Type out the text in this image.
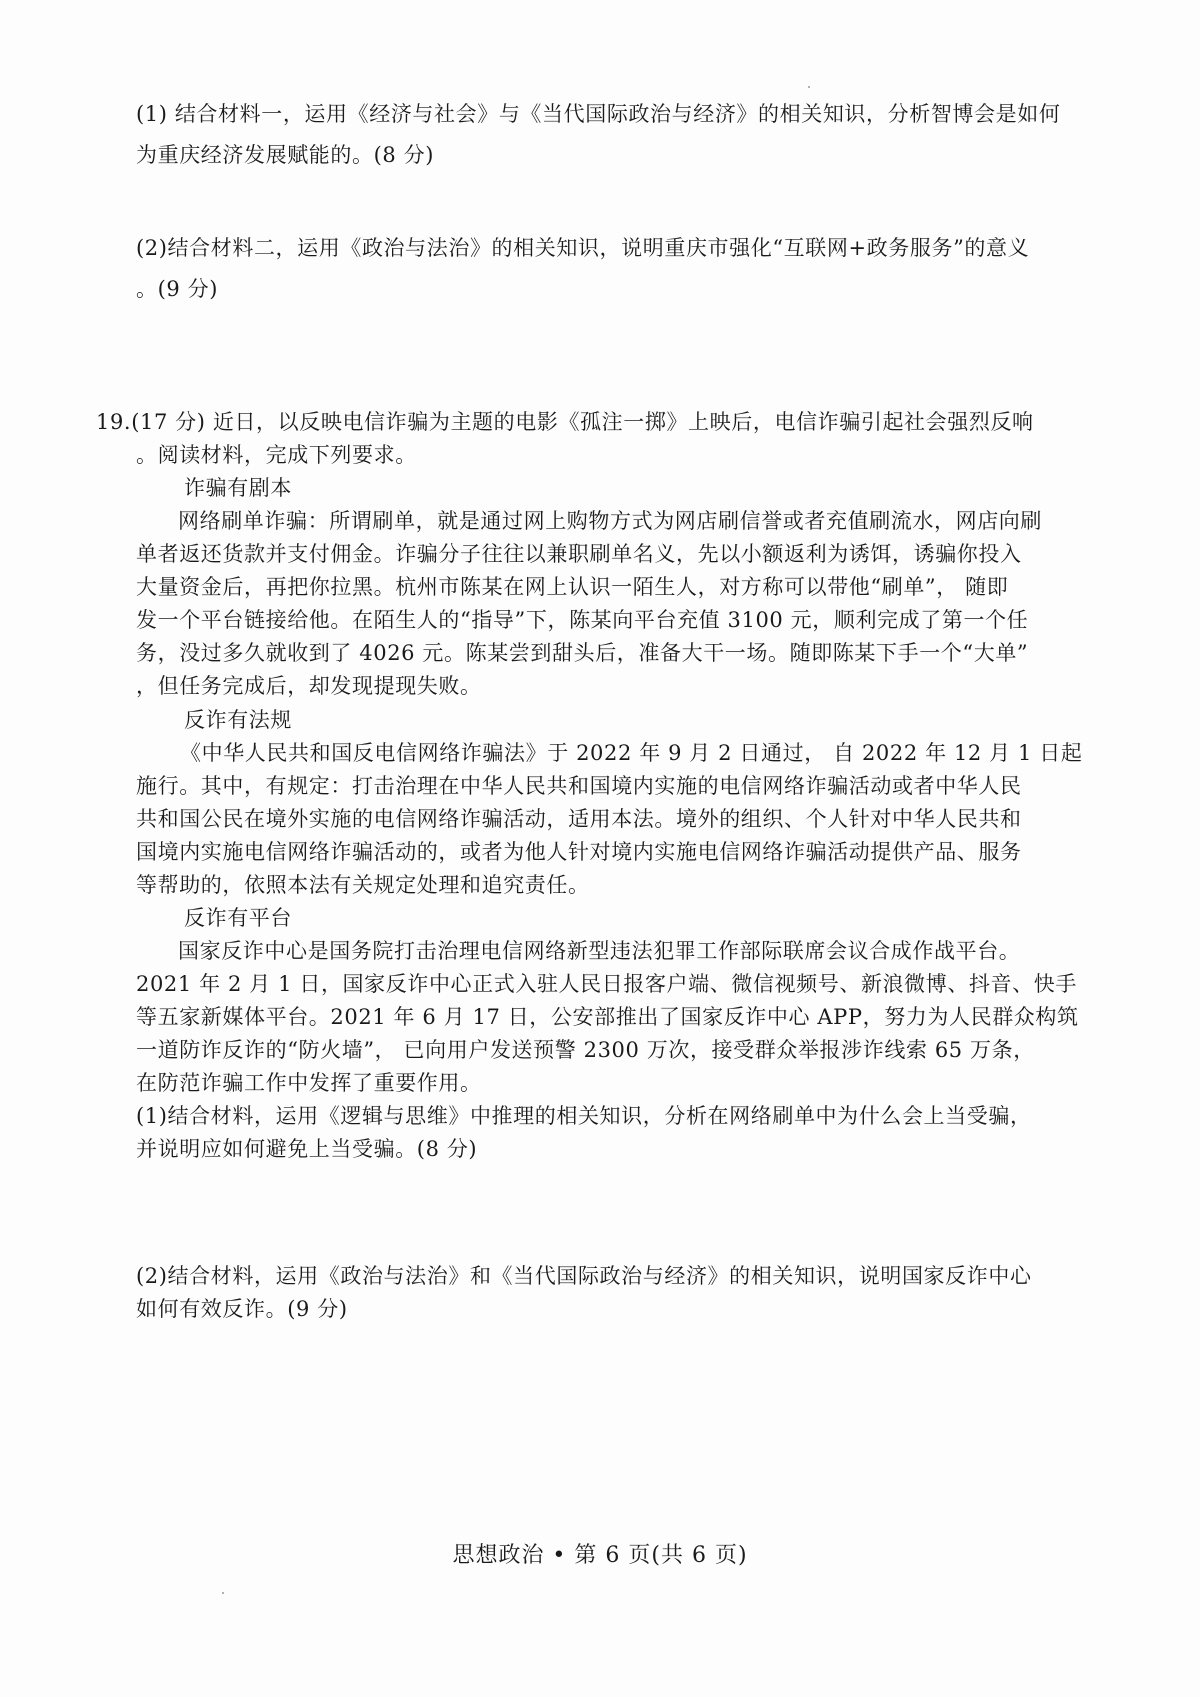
(1) 结合材料一，运用《经济与社会》与《当代国际政治与经济》的相关知识，分析智博会是如何
为重庆经济发展赋能的。(8 分)
(2)结合材料二，运用《政治与法治》的相关知识，说明重庆市强化“互联网+政务服务”的意义
。(9 分)
19.(17 分) 近日，以反映电信诈骗为主题的电影《孤注一掷》上映后，电信诈骗引起社会强烈反响
。阅读材料，完成下列要求。
诈骗有剧本
网络刷单诈骗：所谓刷单，就是通过网上购物方式为网店刷信誉或者充值刷流水，网店向刷
单者返还货款并支付佣金。诈骗分子往往以兼职刷单名义，先以小额返利为诱饵，诱骗你投入
大量资金后，再把你拉黑。杭州市陈某在网上认识一陌生人，对方称可以带他“刷单”， 随即
发一个平台链接给他。在陌生人的“指导”下，陈某向平台充值 3100 元，顺利完成了第一个任
务，没过多久就收到了 4026 元。陈某尝到甜头后，准备大干一场。随即陈某下手一个“大单”
，但任务完成后，却发现提现失败。
反诈有法规
《中华人民共和国反电信网络诈骗法》于 2022 年 9 月 2 日通过， 自 2022 年 12 月 1 日起
施行。其中，有规定：打击治理在中华人民共和国境内实施的电信网络诈骗活动或者中华人民
共和国公民在境外实施的电信网络诈骗活动，适用本法。境外的组织、个人针对中华人民共和
国境内实施电信网络诈骗活动的，或者为他人针对境内实施电信网络诈骗活动提供产品、服务
等帮助的，依照本法有关规定处理和追究责任。
反诈有平台
国家反诈中心是国务院打击治理电信网络新型违法犯罪工作部际联席会议合成作战平台。
2021 年 2 月 1 日，国家反诈中心正式入驻人民日报客户端、微信视频号、新浪微博、抖音、快手
等五家新媒体平台。2021 年 6 月 17 日，公安部推出了国家反诈中心 APP，努力为人民群众构筑
一道防诈反诈的“防火墙”， 已向用户发送预警 2300 万次，接受群众举报涉诈线索 65 万条，
在防范诈骗工作中发挥了重要作用。
(1)结合材料，运用《逻辑与思维》中推理的相关知识，分析在网络刷单中为什么会上当受骗，
并说明应如何避免上当受骗。(8 分)
(2)结合材料，运用《政治与法治》和《当代国际政治与经济》的相关知识，说明国家反诈中心
如何有效反诈。(9 分)
思想政治 • 第 6 页(共 6 页)
